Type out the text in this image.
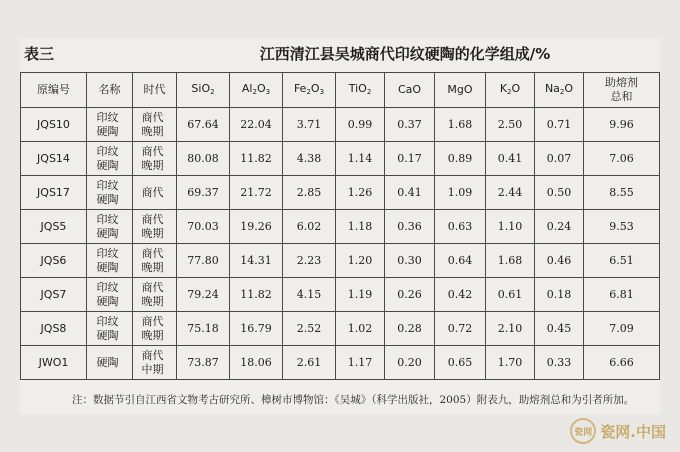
表三	江西清江县吴城商代印纹硬陶的化学组成/%
原编号	名称	时代	SiO$_2$	$Al_2O_3$	$Fe_2O_3$	TiO$_2$	CaO	MgO	$K_2O$	$Na_2O$	助熔剂总和
JQS10	印纹硬陶	商代晚期	67.64	22.04	3.71	0.99	0.37	1.68	2.50	0.71	9.96
JQS14	印纹硬陶	商代晚期	80.08	11.82	4.38	1.14	0.17	0.89	0.41	0.07	7.06
JQS17	印纹硬陶	商代	69.37	21.72	2.85	1.26	0.41	1.09	2.44	0.50	8.55
JQS5	印纹硬陶	商代晚期	70.03	19.26	6.02	1.18	0.36	0.63	1.10	0.24	9.53
JQS6	印纹硬陶	商代晚期	77.80	14.31	2.23	1.20	0.30	0.64	1.68	0.46	6.51
JQS7	印纹硬陶	商代晚期	79.24	11.82	4.15	1.19	0.26	0.42	0.61	0.18	6.81
JQS8	印纹硬陶	商代晚期	75.18	16.79	2.52	1.02	0.28	0.72	2.10	0.45	7.09
JWO1	硬陶	商代中期	73.87	18.06	2.61	1.17	0.20	0.65	1.70	0.33	6.66
注：数据节引自江西省文物考古研究所、樟树市博物馆：《吴城》（科学出版社，2005）附表九，助熔剂总和为引者所加。
瓷网 瓷网.中国
